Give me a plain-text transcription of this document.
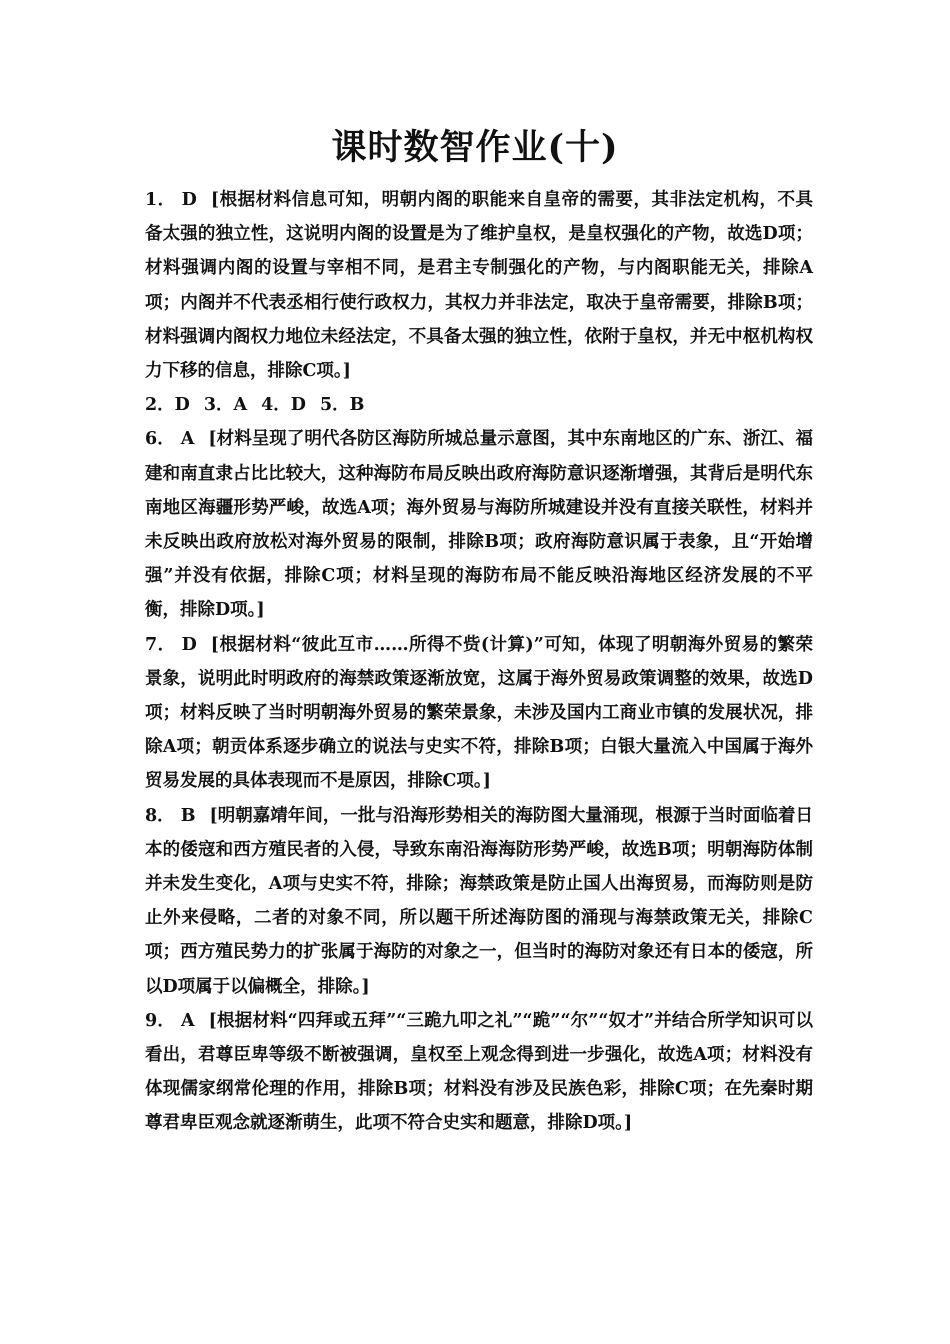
课时数智作业(十)

1． D [根据材料信息可知，明朝内阁的职能来自皇帝的需要，其非法定机构，不具备太强的独立性，这说明内阁的设置是为了维护皇权，是皇权强化的产物，故选D项；材料强调内阁的设置与宰相不同，是君主专制强化的产物，与内阁职能无关，排除A项；内阁并不代表丞相行使行政权力，其权力并非法定，取决于皇帝需要，排除B项；材料强调内阁权力地位未经法定，不具备太强的独立性，依附于皇权，并无中枢机构权力下移的信息，排除C项。]

2．D 3．A 4．D 5．B

6． A [材料呈现了明代各防区海防所城总量示意图，其中东南地区的广东、浙江、福建和南直隶占比比较大，这种海防布局反映出政府海防意识逐渐增强，其背后是明代东南地区海疆形势严峻，故选A项；海外贸易与海防所城建设并没有直接关联性，材料并未反映出政府放松对海外贸易的限制，排除B项；政府海防意识属于表象，且“开始增强”并没有依据，排除C项；材料呈现的海防布局不能反映沿海地区经济发展的不平衡，排除D项。]

7． D [根据材料“彼此互市……所得不赀(计算)”可知，体现了明朝海外贸易的繁荣景象，说明此时明政府的海禁政策逐渐放宽，这属于海外贸易政策调整的效果，故选D项；材料反映了当时明朝海外贸易的繁荣景象，未涉及国内工商业市镇的发展状况，排除A项；朝贡体系逐步确立的说法与史实不符，排除B项；白银大量流入中国属于海外贸易发展的具体表现而不是原因，排除C项。]

8． B [明朝嘉靖年间，一批与沿海形势相关的海防图大量涌现，根源于当时面临着日本的倭寇和西方殖民者的入侵，导致东南沿海海防形势严峻，故选B项；明朝海防体制并未发生变化，A项与史实不符，排除；海禁政策是防止国人出海贸易，而海防则是防止外来侵略，二者的对象不同，所以题干所述海防图的涌现与海禁政策无关，排除C项；西方殖民势力的扩张属于海防的对象之一，但当时的海防对象还有日本的倭寇，所以D项属于以偏概全，排除。]

9． A [根据材料“四拜或五拜”“三跪九叩之礼”“跪”“尔”“奴才”并结合所学知识可以看出，君尊臣卑等级不断被强调，皇权至上观念得到进一步强化，故选A项；材料没有体现儒家纲常伦理的作用，排除B项；材料没有涉及民族色彩，排除C项；在先秦时期尊君卑臣观念就逐渐萌生，此项不符合史实和题意，排除D项。]
